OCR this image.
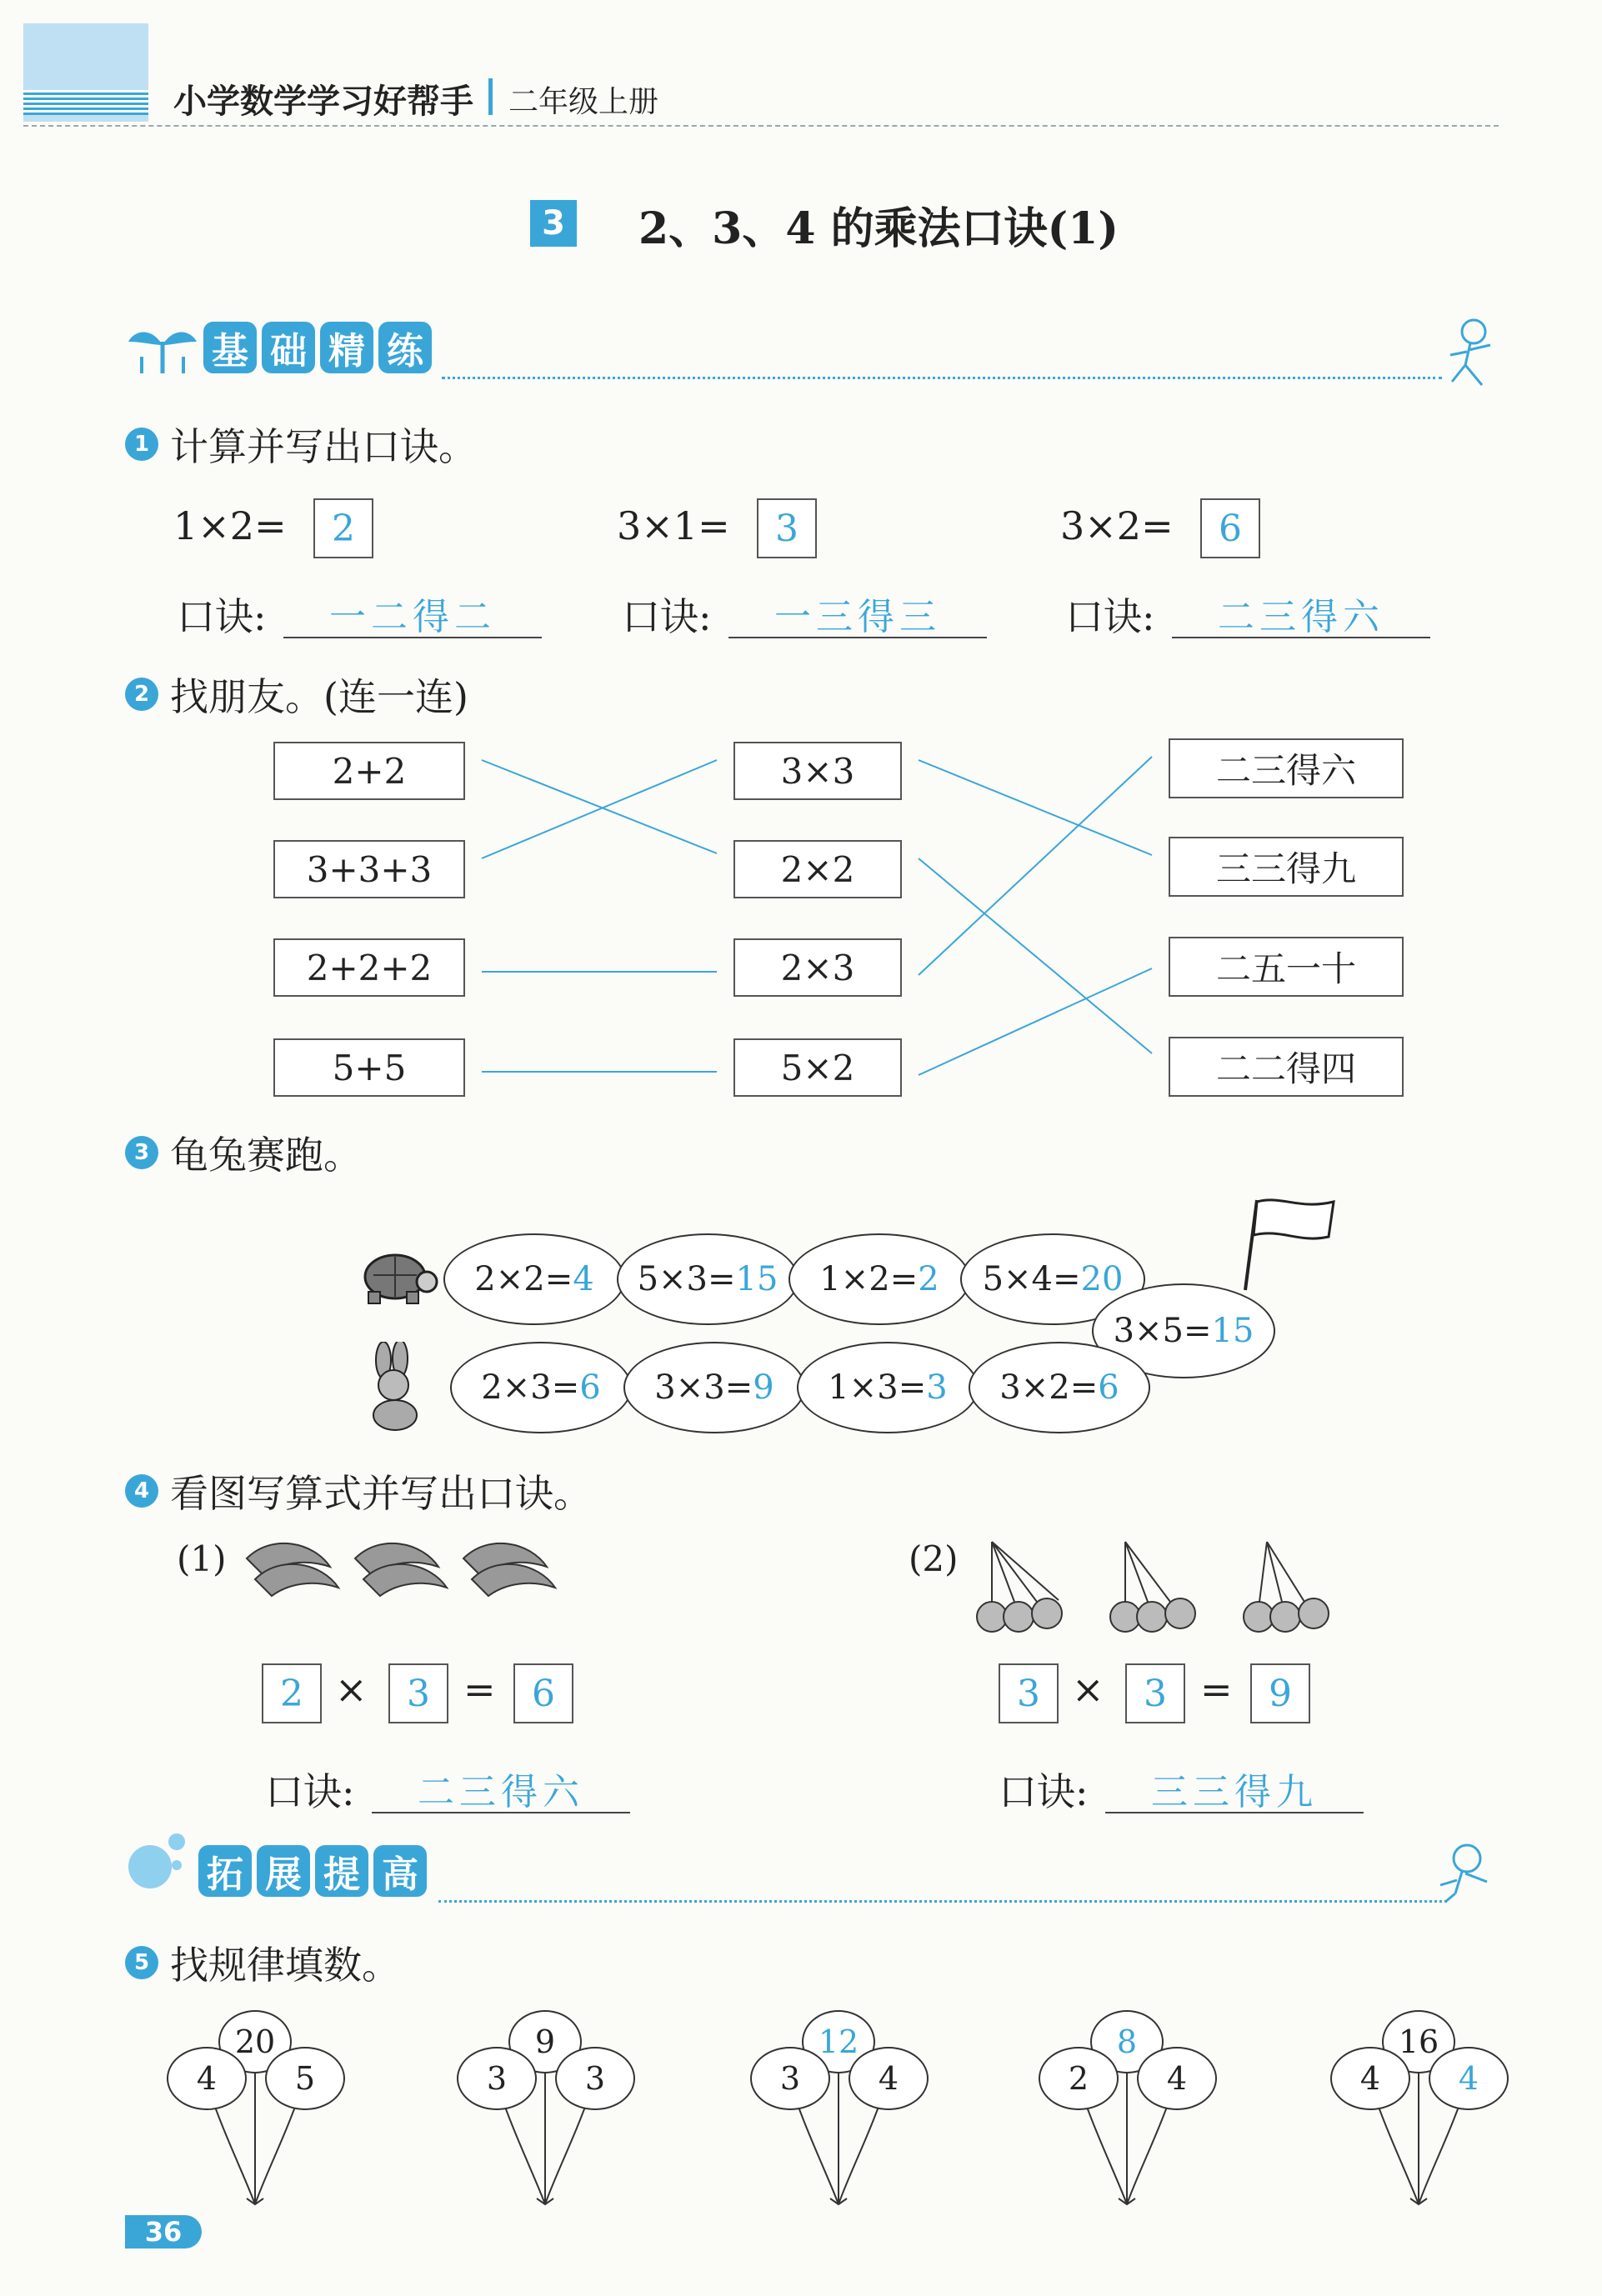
小学数学学习好帮手 二年级上册
3 2、3、4 的乘法口诀(1)
基 础 精 练
1 计算并写出口诀。
1×2=	2	3×1=	3	3×2=	6
口诀:	一二得二	口诀:	一三得三	口诀:	二三得六
2 找朋友。(连一连)
2+2
3+3+3
2+2+2
5+5
3×3
2×2
2×3
5×2
二三得六
三三得九
二五一十
二二得四
3 龟兔赛跑。
2×2= 4 5×3= 15 1×2= 2 5×4= 20
3×5= 15
2×3= 6 3×3= 9 1×3= 3 3×2= 6
4 看图写算式并写出口诀。
(1)
2 ×	3 = 6
口诀:	二三得六
(2)
3 ×	3 = 9
口诀:	三三得九
拓 展 提 高
5 找规律填数。
20
4	5
9
3	3
12
3	4
8
2	4
16
4	4
36
